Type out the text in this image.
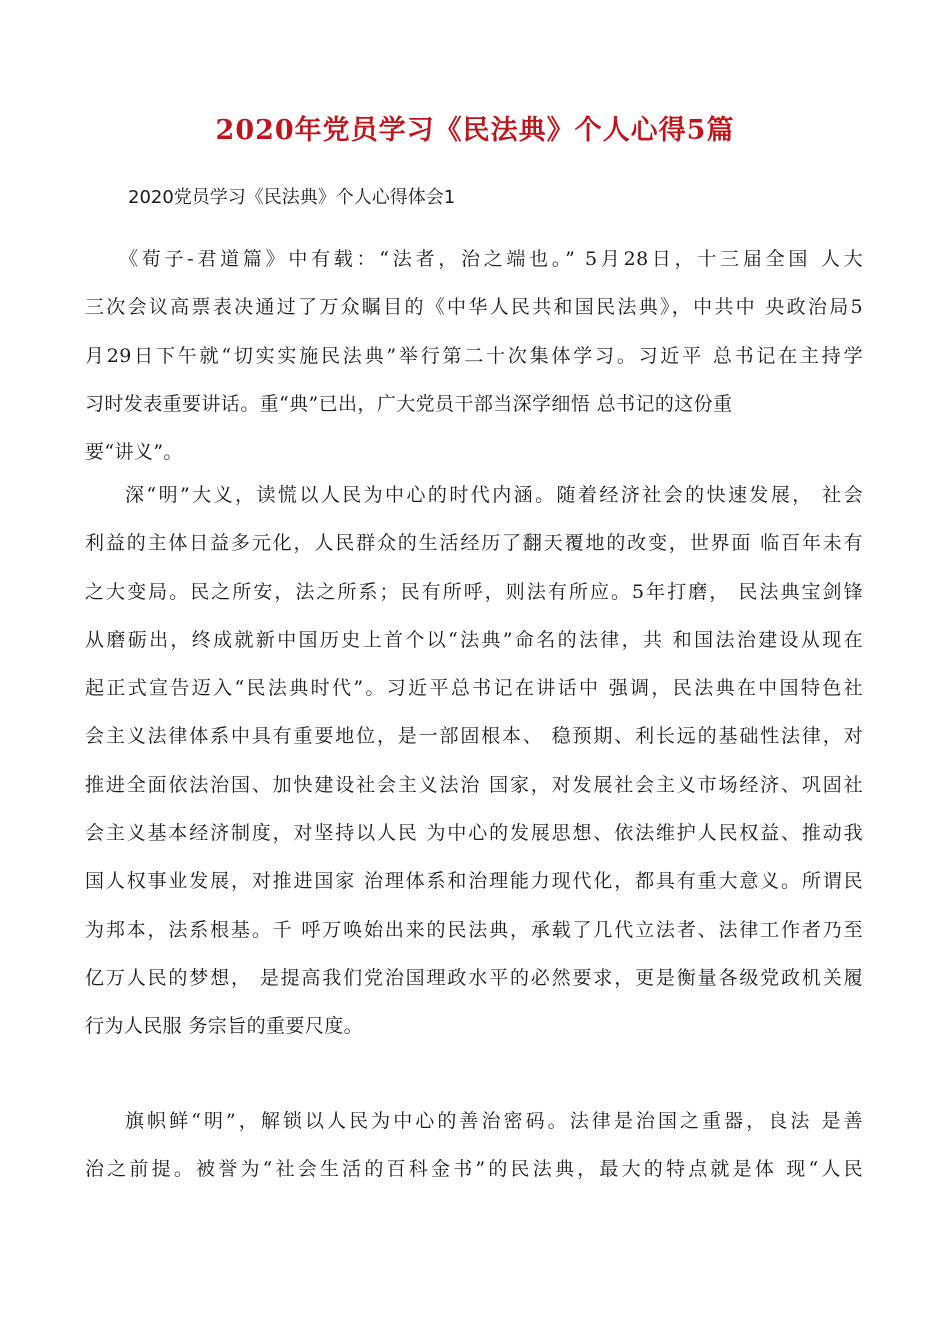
2020年党员学习《民法典》个人心得5篇

2020党员学习《民法典》个人心得体会1

《荀子-君道篇》中有载：“法者，治之端也。” 5月28日，十三届全国 人大
三次会议高票表决通过了万众瞩目的《中华人民共和国民法典》，中共中 央政治局5
月29日下午就“切实实施民法典”举行第二十次集体学习。习近平 总书记在主持学
习时发表重要讲话。重“典”已出，广大党员干部当深学细悟 总书记的这份重
要“讲义”。
深“明”大义，读慌以人民为中心的时代内涵。随着经济社会的快速发展， 社会
利益的主体日益多元化，人民群众的生活经历了翻天覆地的改变，世界面 临百年未有
之大变局。民之所安，法之所系；民有所呼，则法有所应。5年打磨， 民法典宝剑锋
从磨砺出，终成就新中国历史上首个以“法典”命名的法律，共 和国法治建设从现在
起正式宣告迈入“民法典时代”。习近平总书记在讲话中 强调，民法典在中国特色社
会主义法律体系中具有重要地位，是一部固根本、 稳预期、利长远的基础性法律，对
推进全面依法治国、加快建设社会主义法治 国家，对发展社会主义市场经济、巩固社
会主义基本经济制度，对坚持以人民 为中心的发展思想、依法维护人民权益、推动我
国人权事业发展，对推进国家 治理体系和治理能力现代化，都具有重大意义。所谓民
为邦本，法系根基。千 呼万唤始出来的民法典，承载了几代立法者、法律工作者乃至
亿万人民的梦想， 是提高我们党治国理政水平的必然要求，更是衡量各级党政机关履
行为人民服 务宗旨的重要尺度。
旗帜鲜“明”，解锁以人民为中心的善治密码。法律是治国之重器，良法 是善
治之前提。被誉为“社会生活的百科金书”的民法典，最大的特点就是体 现“人民
